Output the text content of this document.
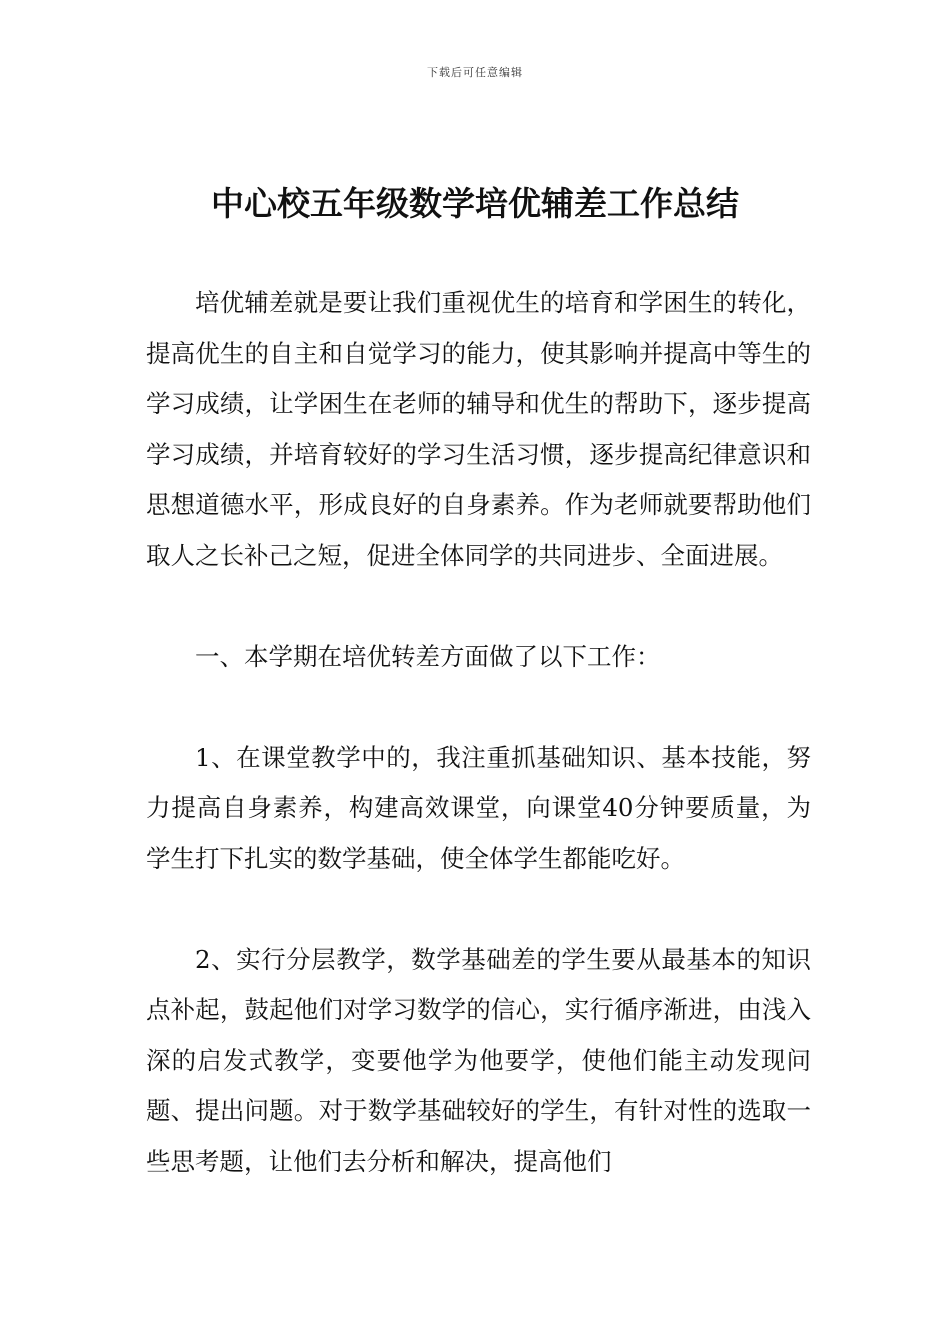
下载后可任意编辑
中心校五年级数学培优辅差工作总结

培优辅差就是要让我们重视优生的培育和学困生的转化，提高优生的自主和自觉学习的能力，使其影响并提高中等生的学习成绩，让学困生在老师的辅导和优生的帮助下，逐步提高学习成绩，并培育较好的学习生活习惯，逐步提高纪律意识和思想道德水平，形成良好的自身素养。作为老师就要帮助他们取人之长补己之短，促进全体同学的共同进步、全面进展。

一、本学期在培优转差方面做了以下工作：

1、在课堂教学中的，我注重抓基础知识、基本技能，努力提高自身素养，构建高效课堂，向课堂40分钟要质量，为学生打下扎实的数学基础，使全体学生都能吃好。

2、实行分层教学，数学基础差的学生要从最基本的知识点补起，鼓起他们对学习数学的信心，实行循序渐进，由浅入深的启发式教学，变要他学为他要学，使他们能主动发现问题、提出问题。对于数学基础较好的学生，有针对性的选取一些思考题，让他们去分析和解决，提高他们
